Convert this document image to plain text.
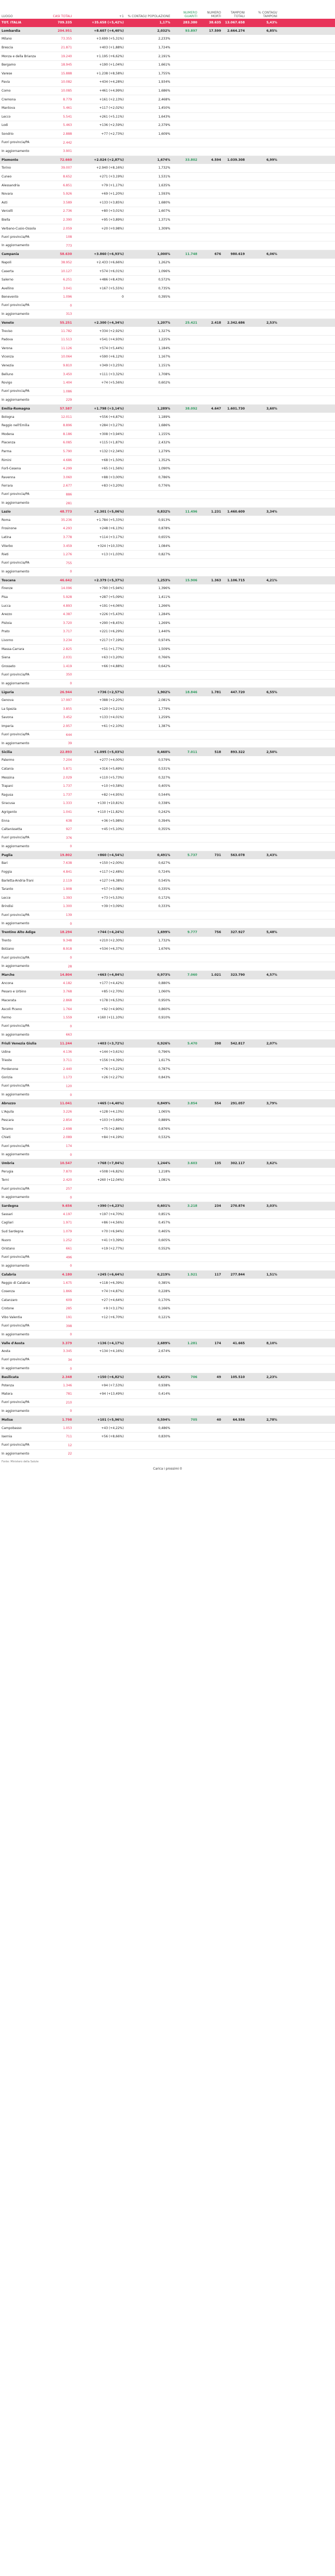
LUOGO	CASI TOTALI	+1	% CONTAGI/ POPOLAZIONE	NUMERO GUARITI	NUMERO MORTI	TAMPONI TOTALI	% CONTAGI/ TAMPONI		
TOT. ITALIA	709.335	+35.658 (+5,42%)	1,17%	283.380	38.635	13.067.658	5,43%		
Lombardia	204.951	+8.607 (+4,40%)	2,032%	93.897	17.599	2.664.274	6,85%		
Milano	73.355	+3.699 (+5,31%)	2,233%						
Brescia	21.871	+403 (+1,88%)	1,724%						
Monza e della Brianza	19.240	+1.195 (+6,62%)	2,191%						
Bergamo	18.945	+190 (+1,04%)	1,661%						
Varese	15.888	+1.238 (+8,58%)	1,755%						
Pavia	10.082	+434 (+4,28%)	1,934%						
Como	10.085	+461 (+4,99%)	1,686%						
Cremona	8.779	+161 (+2,13%)	2,468%						
Mantova	5.461	+117 (+2,02%)	1,450%						
Lecco	5.541	+261 (+5,11%)	1,643%						
Lodi	5.463	+136 (+2,59%)	2,379%						
Sondrio	2.888	+77 (+2,73%)	1,609%						
Fuori provincia/PA	2.442								
In aggiornamento	3.901								
Piemonte	72.660	+2.024 (+2,87%)	1,674%	33.802	4.594	1.039.308	6,99%		
Torino	39.007	+2.940 (+8,16%)	1,732%						
Cuneo	8.652	+271 (+3,19%)	1,531%						
Alessandria	6.851	+79 (+1,17%)	1,635%						
Novara	5.926	+69 (+1,20%)	1,593%						
Asti	3.589	+133 (+3,85%)	1,680%						
Vercelli	2.736	+80 (+3,01%)	1,607%						
Biella	2.390	+95 (+3,89%)	1,371%						
Verbano-Cusio-Ossola	2.059	+20 (+0,98%)	1,309%						
Fuori provincia/PA	108								
In aggiornamento	773								
Campania	58.630	+3.860 (+6,93%)	1,000%	11.748	676	980.619	6,06%		
Napoli	38.952	+2.433 (+6,66%)	1,262%						
Caserta	10.127	+574 (+6,01%)	1,096%						
Salerno	6.251	+486 (+8,43%)	0,572%						
Avellino	3.041	+167 (+5,55%)	0,735%						
Benevento	1.096	0	0,395%						
Fuori provincia/PA	0								
In aggiornamento	313								
Veneto	55.251	+2.300 (+4,34%)	1,207%	25.421	2.418	2.342.686	2,53%		
Treviso	11.782	+334 (+2,92%)	1,327%						
Padova	11.513	+541 (+4,93%)	1,225%						
Verona	11.126	+574 (+5,44%)	1,184%						
Vicenza	10.064	+590 (+6,12%)	1,167%						
Venezia	9.810	+349 (+3,25%)	1,151%						
Belluno	3.450	+111 (+3,32%)	1,708%						
Rovigo	1.404	+74 (+5,56%)	0,602%						
Fuori provincia/PA	1.086								
In aggiornamento	229								
Emilia-Romagna	57.587	+1.798 (+3,14%)	1,289%	38.092	4.647	1.601.730	3,60%		
Bologna	12.011	+556 (+4,87%)	1,189%						
Reggio nell'Emilia	8.896	+284 (+3,27%)	1,686%						
Modena	8.186	+308 (+3,94%)	1,155%						
Piacenza	6.085	+115 (+1,87%)	2,432%						
Parma	5.790	+132 (+2,34%)	1,279%						
Rimini	4.686	+68 (+1,50%)	1,352%						
Forlì-Cesena	4.299	+65 (+1,56%)	1,090%						
Ravenna	3.060	+88 (+3,00%)	0,786%						
Ferrara	2.677	+83 (+3,20%)	0,776%						
Fuori provincia/PA	886								
In aggiornamento	281								
Lazio	48.773	+2.301 (+5,06%)	0,832%	11.496	1.231	1.460.609	3,34%		
Roma	35.236	+1.784 (+5,33%)	0,913%						
Frosinone	4.293	+248 (+6,13%)	0,878%						
Latina	3.778	+114 (+3,17%)	0,655%						
Viterbo	3.459	+324 (+10,33%)	1,084%						
Rieti	1.276	+13 (+1,03%)	0,827%						
Fuori provincia/PA	755								
In aggiornamento	0								
Toscana	46.642	+2.379 (+5,37%)	1,253%	15.906	1.363	1.106.715	4,21%		
Firenze	14.096	+790 (+5,94%)	1,396%						
Pisa	5.928	+287 (+5,09%)	1,411%						
Lucca	4.893	+191 (+4,06%)	1,266%						
Arezzo	4.387	+226 (+5,43%)	1,284%						
Pistoia	3.720	+290 (+8,45%)	1,269%						
Prato	3.717	+221 (+6,29%)	1,440%						
Livorno	3.234	+217 (+7,19%)	0,974%						
Massa-Carrara	2.825	+51 (+1,77%)	1,509%						
Siena	2.031	+63 (+3,20%)	0,766%						
Grosseto	1.419	+66 (+4,88%)	0,642%						
Fuori provincia/PA	350								
In aggiornamento	0								
Liguria	26.944	+736 (+2,57%)	1,902%	18.846	1.781	447.720	6,55%		
Genova	17.997	+388 (+2,20%)	2,081%						
La Spezia	3.855	+120 (+3,21%)	1,779%						
Savona	3.452	+133 (+4,01%)	1,259%						
Imperia	2.957	+61 (+2,10%)	1,387%						
Fuori provincia/PA	644								
In aggiornamento	39								
Sicilia	22.893	+1.095 (+5,03%)	0,460%	7.011	518	893.322	2,50%		
Palermo	7.204	+277 (+4,00%)	0,579%						
Catania	5.871	+316 (+5,69%)	0,531%						
Messina	2.029	+110 (+5,73%)	0,327%						
Trapani	1.737	+10 (+0,58%)	0,405%						
Ragusa	1.737	+82 (+4,95%)	0,544%						
Siracusa	1.333	+130 (+10,81%)	0,338%						
Agrigento	1.041	+110 (+11,82%)	0,242%						
Enna	638	+36 (+5,98%)	0,394%						
Caltanissetta	927	+45 (+5,10%)	0,355%						
Fuori provincia/PA	376								
In aggiornamento	0								
Puglia	19.802	+860 (+4,54%)	0,491%	5.737	731	563.078	3,43%		
Bari	7.638	+150 (+2,00%)	0,627%						
Foggia	4.841	+117 (+2,48%)	0,724%						
Barletta-Andria-Trani	2.119	+127 (+6,38%)	0,545%						
Taranto	1.908	+57 (+3,08%)	0,335%						
Lecce	1.393	+73 (+5,53%)	0,172%						
Brindisi	1.300	+39 (+3,09%)	0,333%						
Fuori provincia/PA	139								
In aggiornamento	0								
Trentino Alto Adige	18.294	+744 (+4,24%)	1,699%	9.777	756	327.927	5,48%		
Trento	9.348	+210 (+2,30%)	1,732%						
Bolzano	8.918	+534 (+6,37%)	1,676%						
Fuori provincia/PA	0								
In aggiornamento	28								
Marche	14.804	+663 (+4,84%)	0,973%	7.060	1.021	323.790	4,57%		
Ancona	4.182	+177 (+4,42%)	0,880%						
Pesaro e Urbino	3.768	+85 (+2,70%)	1,060%						
Macerata	2.868	+178 (+6,53%)	0,950%						
Ascoli Piceno	1.764	+92 (+4,90%)	0,860%						
Fermo	1.559	+160 (+11,10%)	0,910%						
Fuori provincia/PA	0								
In aggiornamento	663								
Friuli Venezia Giulia	11.244	+403 (+3,72%)	0,926%	5.470	398	542.817	2,07%		
Udine	4.136	+144 (+3,61%)	0,796%						
Trieste	3.711	+156 (+4,39%)	1,617%						
Pordenone	2.440	+76 (+3,22%)	0,787%						
Gorizia	1.173	+26 (+2,27%)	0,843%						
Fuori provincia/PA	120								
In aggiornamento	0								
Abruzzo	11.041	+465 (+4,40%)	0,849%	3.854	554	291.057	3,79%		
L'Aquila	3.226	+128 (+4,13%)	1,065%						
Pescara	2.854	+103 (+3,69%)	0,889%						
Teramo	2.698	+75 (+2,86%)	0,876%						
Chieti	2.089	+84 (+4,19%)	0,532%						
Fuori provincia/PA	174								
In aggiornamento	0								
Umbria	10.547	+768 (+7,84%)	1,244%	3.603	135	302.117	3,62%		
Perugia	7.870	+508 (+6,82%)	1,218%						
Terni	2.420	+260 (+12,04%)	1,081%						
Fuori provincia/PA	257								
In aggiornamento	0								
Sardegna	9.656	+390 (+4,23%)	0,601%	3.218	234	270.874	3,03%		
Sassari	4.197	+197 (+4,70%)	0,851%						
Cagliari	1.971	+86 (+4,56%)	0,457%						
Sud Sardegna	1.079	+70 (+6,94%)	0,465%						
Nuoro	1.252	+41 (+3,39%)	0,605%						
Oristano	661	+19 (+2,77%)	0,552%						
Fuori provincia/PA	496								
In aggiornamento	0								
Calabria	4.180	+245 (+6,64%)	0,219%	1.921	117	277.844	1,51%		
Reggio di Calabria	1.675	+118 (+6,39%)	0,385%						
Cosenza	1.866	+74 (+4,87%)	0,228%						
Catanzaro	609	+27 (+4,64%)	0,170%						
Crotone	285	+9 (+3,17%)	0,166%						
Vibo Valentia	191	+12 (+6,70%)	0,121%						
Fuori provincia/PA	398								
In aggiornamento	0								
Valle d'Aosta	3.379	+136 (+4,17%)	2,689%	1.281	174	41.665	8,10%		
Aosta	3.345	+134 (+4,16%)	2,674%						
Fuori provincia/PA	34								
In aggiornamento	0								
Basilicata	2.348	+150 (+6,82%)	0,423%	706	49	105.510	2,23%		
Potenza	1.346	+94 (+7,53%)	0,938%						
Matera	781	+94 (+13,49%)	0,414%						
Fuori provincia/PA	210								
In aggiornamento	0								
Molise	1.798	+101 (+5,96%)	0,594%	705	40	64.556	2,78%		
Campobasso	1.053	+43 (+4,22%)	0,486%						
Isernia	711	+56 (+8,66%)	0,830%						
Fuori provincia/PA	12								
In aggiornamento	22								
Fonte: Ministero della Salute
Carica i prossimi 0
